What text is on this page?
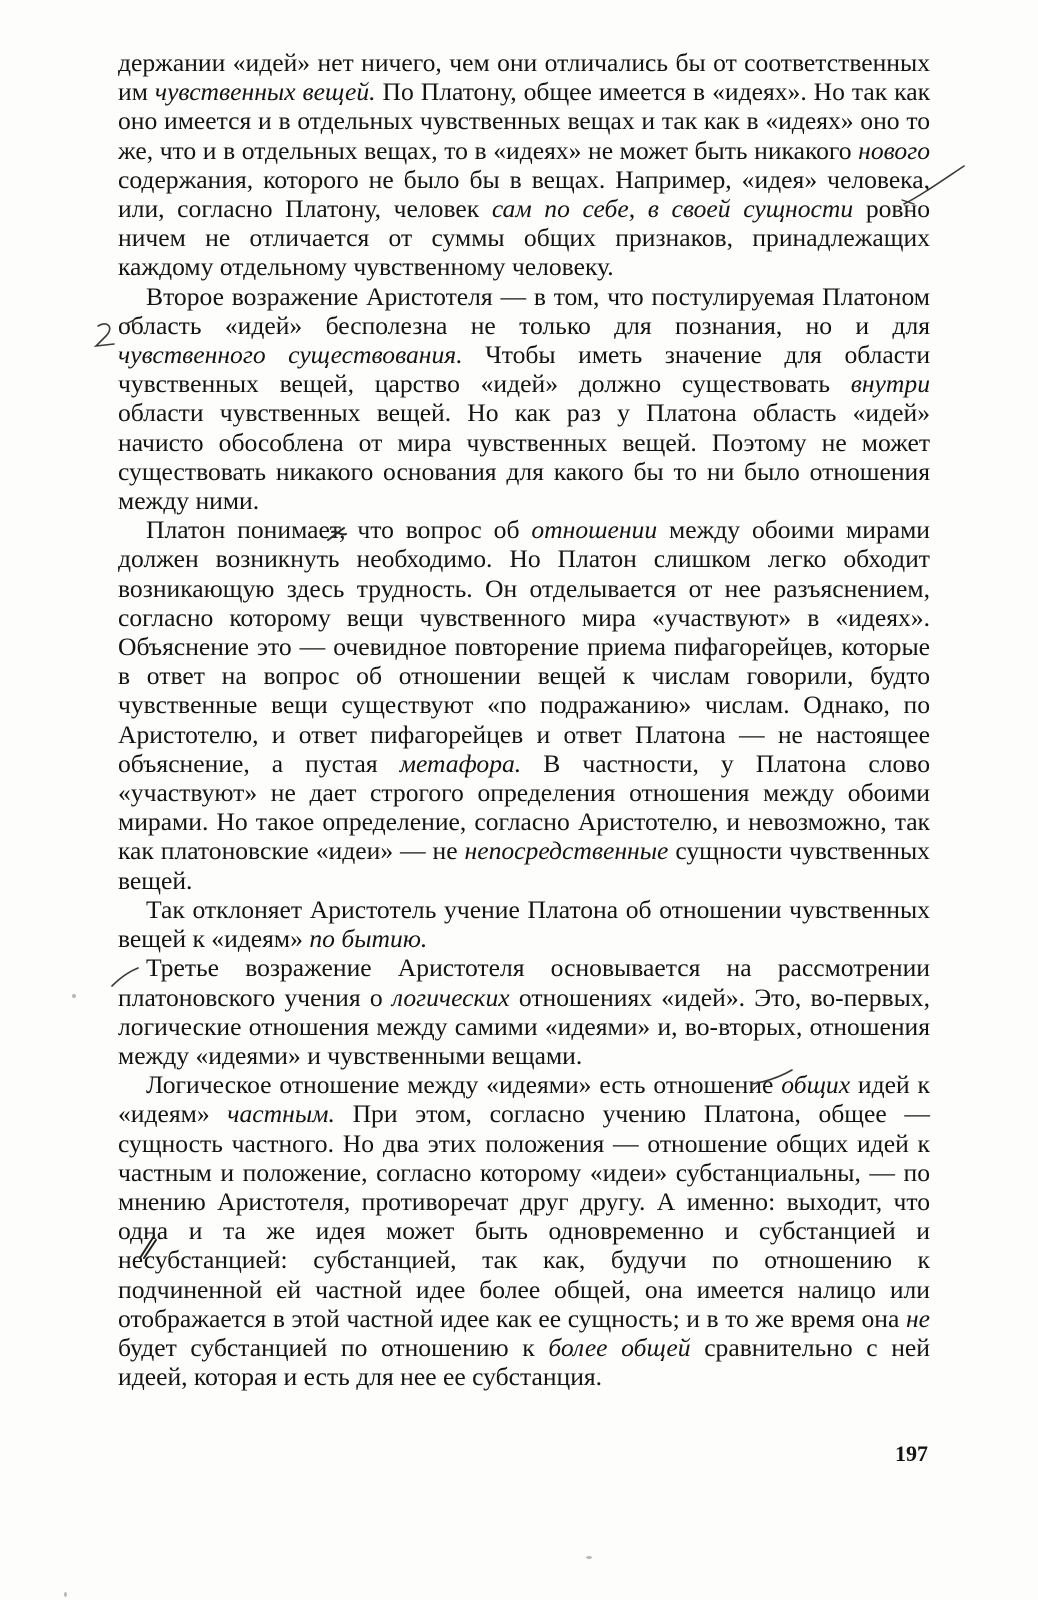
держании «идей» нет ничего, чем они отличались бы от соответственных им чувственных вещей. По Платону, общее имеется в «идеях». Но так как оно имеется и в отдельных чувственных вещах и так как в «идеях» оно то же, что и в отдельных вещах, то в «идеях» не может быть никакого нового содержания, которого не было бы в вещах. Например, «идея» человека, или, согласно Платону, человек сам по себе, в своей сущности ровно ничем не отличается от суммы общих признаков, принадлежащих каждому отдельному чувственному человеку.

Второе возражение Аристотеля — в том, что постулируемая Платоном область «идей» бесполезна не только для познания, но и для чувственного существования. Чтобы иметь значение для области чувственных вещей, царство «идей» должно существовать внутри области чувственных вещей. Но как раз у Платона область «идей» начисто обособлена от мира чувственных вещей. Поэтому не может существовать никакого основания для какого бы то ни было отношения между ними.

Платон понимает, что вопрос об отношении между обоими мирами должен возникнуть необходимо. Но Платон слишком легко обходит возникающую здесь трудность. Он отделывается от нее разъяснением, согласно которому вещи чувственного мира «участвуют» в «идеях». Объяснение это — очевидное повторение приема пифагорейцев, которые в ответ на вопрос об отношении вещей к числам говорили, будто чувственные вещи существуют «по подражанию» числам. Однако, по Аристотелю, и ответ пифагорейцев и ответ Платона — не настоящее объяснение, а пустая метафора. В частности, у Платона слово «участвуют» не дает строгого определения отношения между обоими мирами. Но такое определение, согласно Аристотелю, и невозможно, так как платоновские «идеи» — не непосредственные сущности чувственных вещей.

Так отклоняет Аристотель учение Платона об отношении чувственных вещей к «идеям» по бытию.

Третье возражение Аристотеля основывается на рассмотрении платоновского учения о логических отношениях «идей». Это, во-первых, логические отношения между самими «идеями» и, во-вторых, отношения между «идеями» и чувственными вещами.

Логическое отношение между «идеями» есть отношение общих идей к «идеям» частным. При этом, согласно учению Платона, общее — сущность частного. Но два этих положения — отношение общих идей к частным и положение, согласно которому «идеи» субстанциальны, — по мнению Аристотеля, противоречат друг другу. А именно: выходит, что одна и та же идея может быть одновременно и субстанцией и несубстанцией: субстанцией, так как, будучи по отношению к подчиненной ей частной идее более общей, она имеется налицо или отображается в этой частной идее как ее сущность; и в то же время она не будет субстанцией по отношению к более общей сравнительно с ней идеей, которая и есть для нее ее субстанция.

197
